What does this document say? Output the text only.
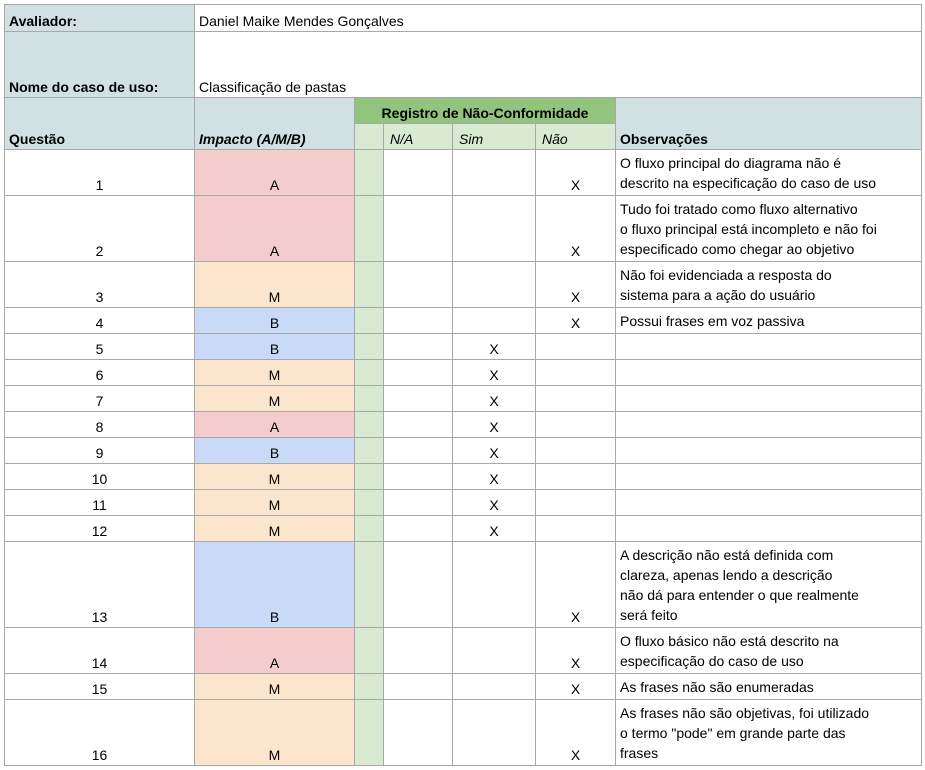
Avaliador:	Daniel Maike Mendes Gonçalves					
Nome do caso de uso:	Classificação de pastas					
Questão	Impacto (A/M/B)	Registro de Não-Conformidade				Observações
			N/A	Sim	Não	
1	A				X	O fluxo principal do diagrama não é
descrito na especificação do caso de uso
2	A				X	Tudo foi tratado como fluxo alternativo
o fluxo principal está incompleto e não foi
especificado como chegar ao objetivo
3	M				X	Não foi evidenciada a resposta do
sistema para a ação do usuário
4	B				X	Possui frases em voz passiva
5	B			X		
6	M			X		
7	M			X		
8	A			X		
9	B			X		
10	M			X		
11	M			X		
12	M			X		
13	B				X	A descrição não está definida com
clareza, apenas lendo a descrição
não dá para entender o que realmente
será feito
14	A				X	O fluxo básico não está descrito na
especificação do caso de uso
15	M				X	As frases não são enumeradas
16	M				X	As frases não são objetivas, foi utilizado
o termo "pode" em grande parte das
frases
